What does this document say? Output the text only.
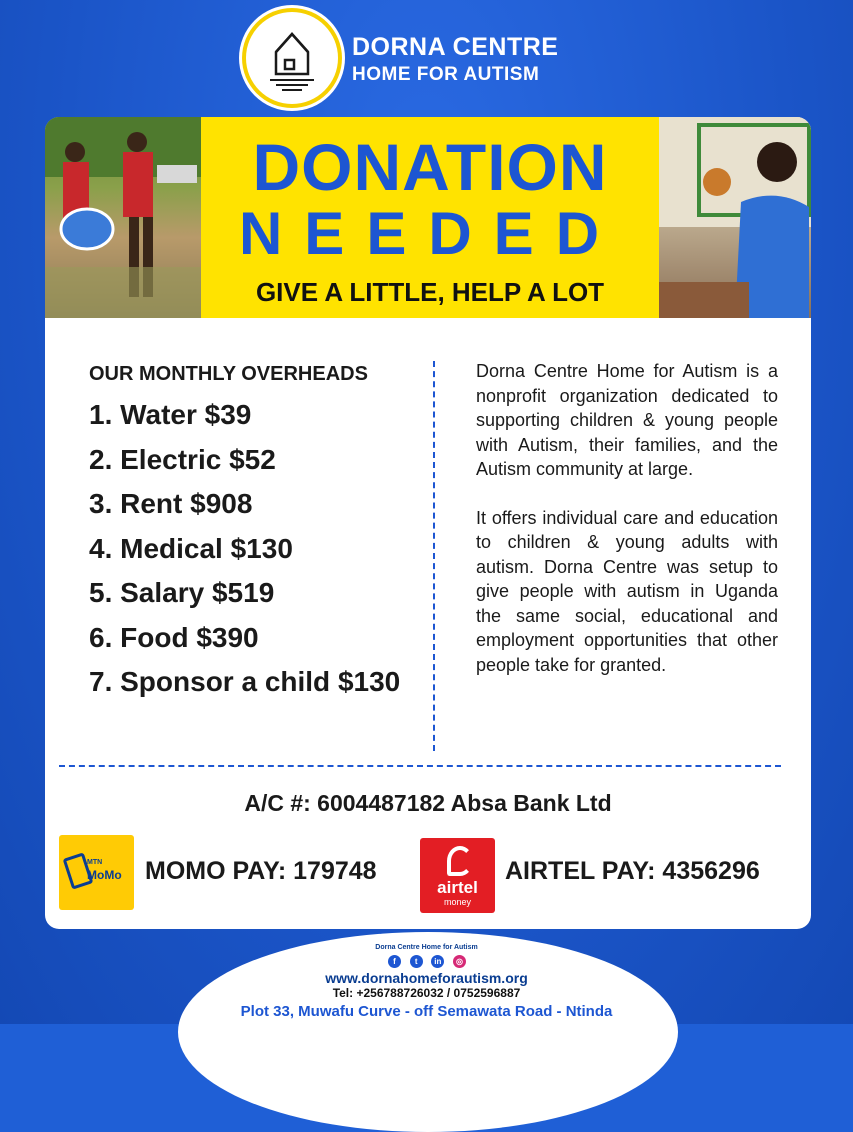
DORNA CENTRE
HOME FOR AUTISM
DONATION
NEEDED
GIVE A LITTLE, HELP A LOT
OUR MONTHLY OVERHEADS
1. Water $39
2. Electric $52
3. Rent $908
4. Medical $130
5. Salary $519
6. Food $390
7. Sponsor a child $130

Dorna Centre Home for Autism is a nonprofit organization dedicated to supporting children & young people with Autism, their families, and the Autism community at large.

It offers individual care and education to children & young adults with autism. Dorna Centre was setup to give people with autism in Uganda the same social, educational and employment opportunities that other people take for granted.

A/C #: 6004487182 Absa Bank Ltd
MTN
MoMo MOMO PAY: 179748
airtel
money
AIRTEL PAY: 4356296
Dorna Centre Home for Autism
f	t	in	◎
www.dornahomeforautism.org
Tel: +256788726032 / 0752596887
Plot 33, Muwafu Curve - off Semawata Road - Ntinda
